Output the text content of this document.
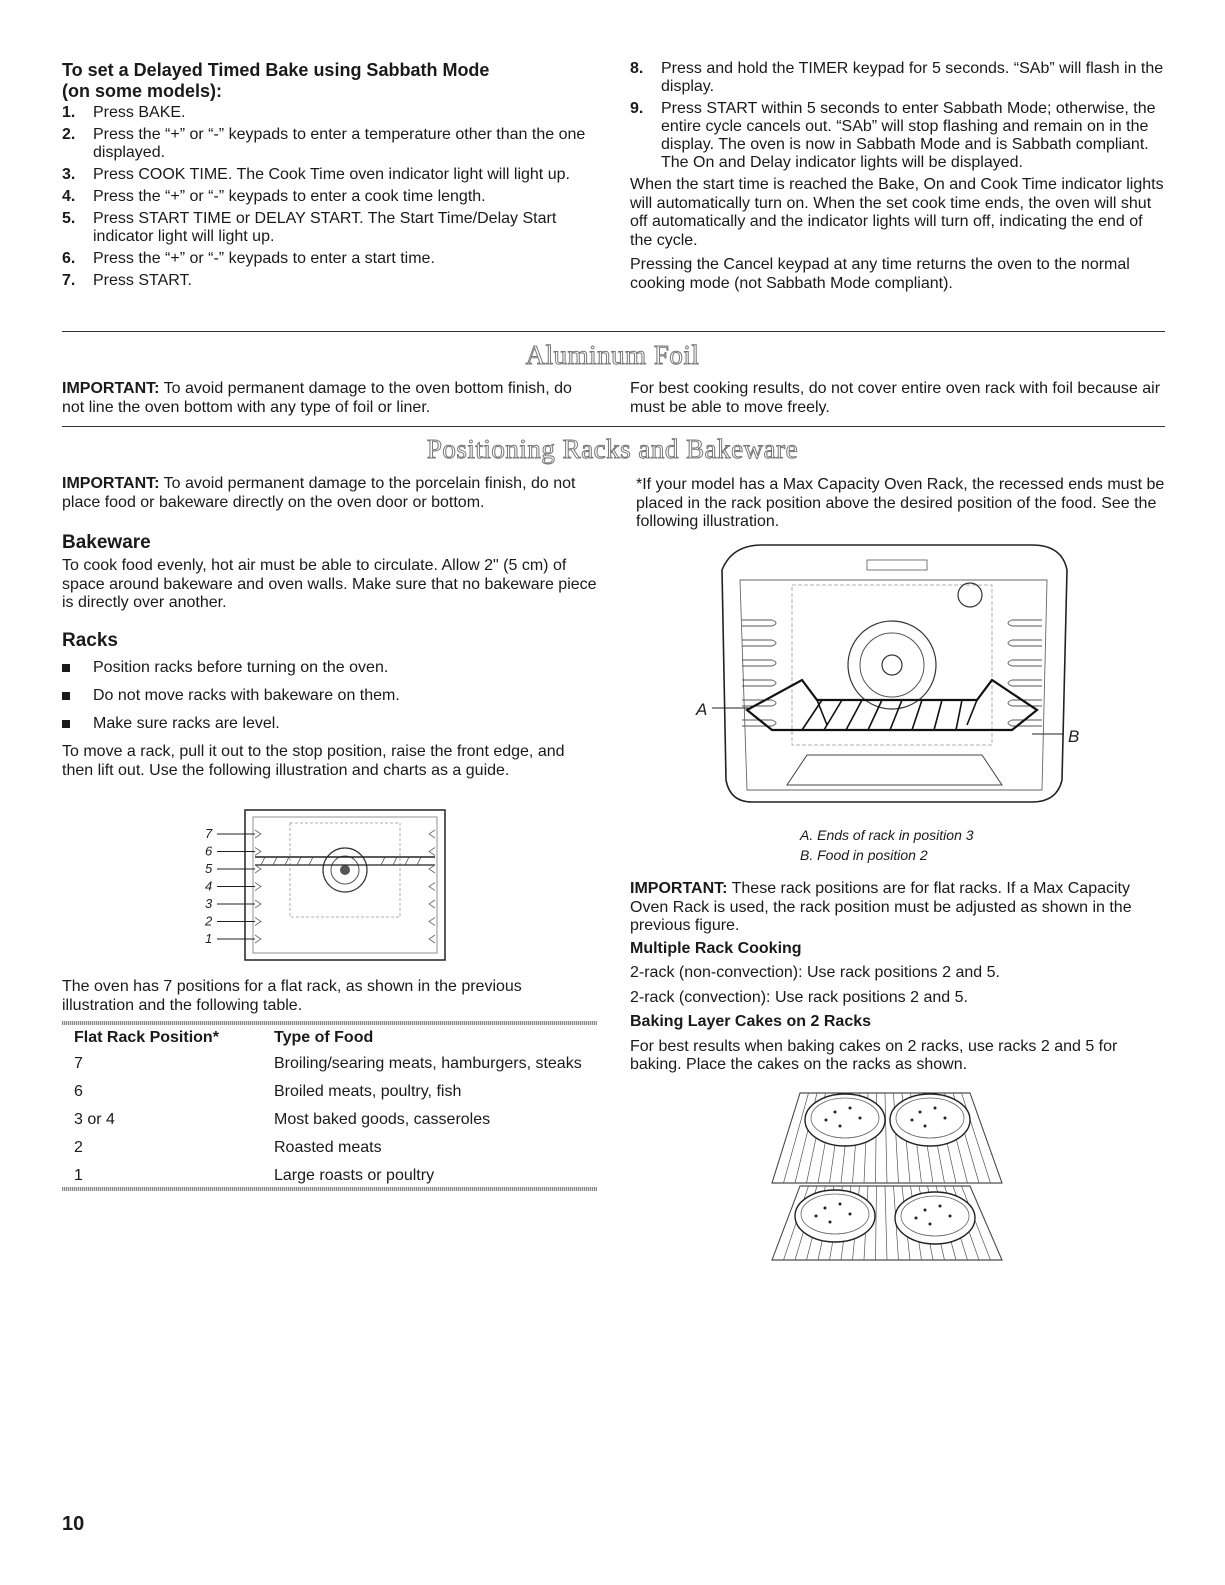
To set a Delayed Timed Bake using Sabbath Mode
(on some models):
1. Press BAKE.
2. Press the “+” or “-” keypads to enter a temperature other than the one displayed.
3. Press COOK TIME. The Cook Time oven indicator light will light up.
4. Press the “+” or “-” keypads to enter a cook time length.
5. Press START TIME or DELAY START. The Start Time/Delay Start indicator light will light up.
6. Press the “+” or “-” keypads to enter a start time.
7. Press START.
8. Press and hold the TIMER keypad for 5 seconds. “SAb” will flash in the display.
9. Press START within 5 seconds to enter Sabbath Mode; otherwise, the entire cycle cancels out. “SAb” will stop flashing and remain on in the display. The oven is now in Sabbath Mode and is Sabbath compliant. The On and Delay indicator lights will be displayed.

When the start time is reached the Bake, On and Cook Time indicator lights will automatically turn on. When the set cook time ends, the oven will shut off automatically and the indicator lights will turn off, indicating the end of the cycle.

Pressing the Cancel keypad at any time returns the oven to the normal cooking mode (not Sabbath Mode compliant).

Aluminum Foil
IMPORTANT: To avoid permanent damage to the oven bottom finish, do not line the oven bottom with any type of foil or liner.
For best cooking results, do not cover entire oven rack with foil because air must be able to move freely.
Positioning Racks and Bakeware
IMPORTANT: To avoid permanent damage to the porcelain finish, do not place food or bakeware directly on the oven door or bottom.
Bakeware

To cook food evenly, hot air must be able to circulate. Allow 2" (5 cm) of space around bakeware and oven walls. Make sure that no bakeware piece is directly over another.

Racks
Position racks before turning on the oven.
Do not move racks with bakeware on them.
Make sure racks are level.

To move a rack, pull it out to the stop position, raise the front edge, and then lift out. Use the following illustration and charts as a guide.

7
6
5
4
3
2
1
The oven has 7 positions for a flat rack, as shown in the previous illustration and the following table.
Flat Rack Position*	Type of Food
7	Broiling/searing meats, hamburgers, steaks
6	Broiled meats, poultry, fish
3 or 4	Most baked goods, casseroles
2	Roasted meats
1	Large roasts or poultry
*If your model has a Max Capacity Oven Rack, the recessed ends must be placed in the rack position above the desired position of the food. See the following illustration.
A
B
A. Ends of rack in position 3
B. Food in position 2

IMPORTANT: These rack positions are for flat racks. If a Max Capacity Oven Rack is used, the rack position must be adjusted as shown in the previous figure.

Multiple Rack Cooking
2-rack (non-convection): Use rack positions 2 and 5.
2-rack (convection): Use rack positions 2 and 5.
Baking Layer Cakes on 2 Racks
For best results when baking cakes on 2 racks, use racks 2 and 5 for baking. Place the cakes on the racks as shown.
10
